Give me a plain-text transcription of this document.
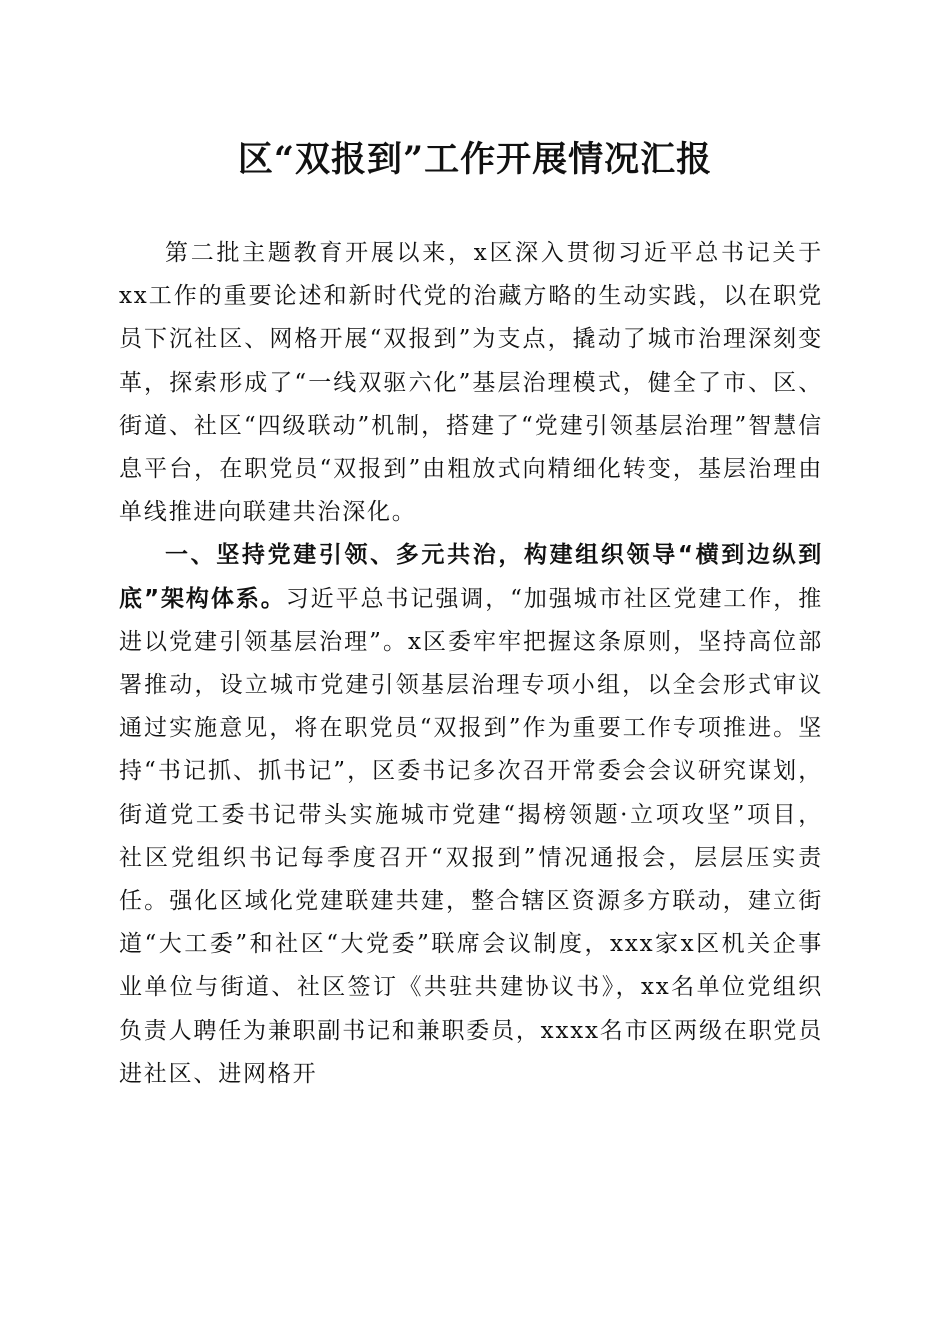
区“双报到”工作开展情况汇报

第二批主题教育开展以来，x区深入贯彻习近平总书记关于xx工作的重要论述和新时代党的治藏方略的生动实践，以在职党员下沉社区、网格开展“双报到”为支点，撬动了城市治理深刻变革，探索形成了“一线双驱六化”基层治理模式，健全了市、区、街道、社区“四级联动”机制，搭建了“党建引领基层治理”智慧信息平台，在职党员“双报到”由粗放式向精细化转变，基层治理由单线推进向联建共治深化。

一、坚持党建引领、多元共治，构建组织领导“横到边纵到底”架构体系。习近平总书记强调，“加强城市社区党建工作，推进以党建引领基层治理”。x区委牢牢把握这条原则，坚持高位部署推动，设立城市党建引领基层治理专项小组，以全会形式审议通过实施意见，将在职党员“双报到”作为重要工作专项推进。坚持“书记抓、抓书记”，区委书记多次召开常委会会议研究谋划，街道党工委书记带头实施城市党建“揭榜领题·立项攻坚”项目，社区党组织书记每季度召开“双报到”情况通报会，层层压实责任。强化区域化党建联建共建，整合辖区资源多方联动，建立街道“大工委”和社区“大党委”联席会议制度，xxx家x区机关企事业单位与街道、社区签订《共驻共建协议书》，xx名单位党组织负责人聘任为兼职副书记和兼职委员，xxxx名市区两级在职党员进社区、进网格开
